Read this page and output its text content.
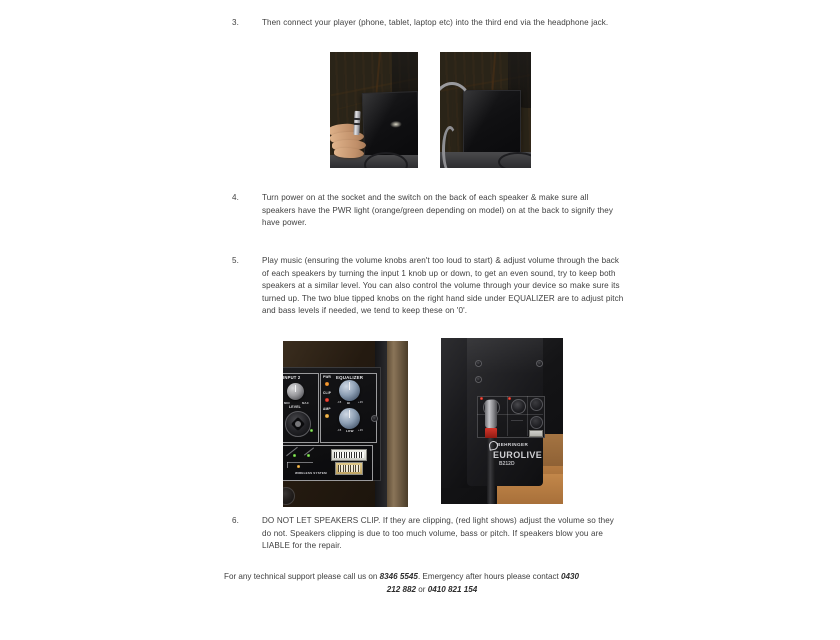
3.	Then connect your player (phone, tablet, laptop etc) into the third end via the headphone jack.
4.	Turn power on at the socket and the switch on the back of each speaker & make sure all speakers have the PWR light (orange/green depending on model) on at the back to signify they have power.
5.	Play music (ensuring the volume knobs aren't too loud to start) & adjust volume through the back of each speakers by turning the input 1 knob up or down, to get an even sound, try to keep both speakers at a similar level. You can also control the volume through your device so make sure its turned up. The two blue tipped knobs on the right hand side under EQUALIZER are to adjust pitch and bass levels if needed, we tend to keep these on '0'.
INPUT 2
MIN	MAX
LEVEL
PWR EQUALIZER
CLIP
AMP
-15 HI	+15
-15 LOW +15
WIRELESS SYSTEM
BEHRINGER
EUROLIVE
B212D
6.	DO NOT LET SPEAKERS CLIP. If they are clipping, (red light shows) adjust the volume so they do not. Speakers clipping is due to too much volume, bass or pitch. If speakers blow you are LIABLE for the repair.
For any technical support please call us on 8346 5545. Emergency after hours please contact 0430
212 882 or 0410 821 154
